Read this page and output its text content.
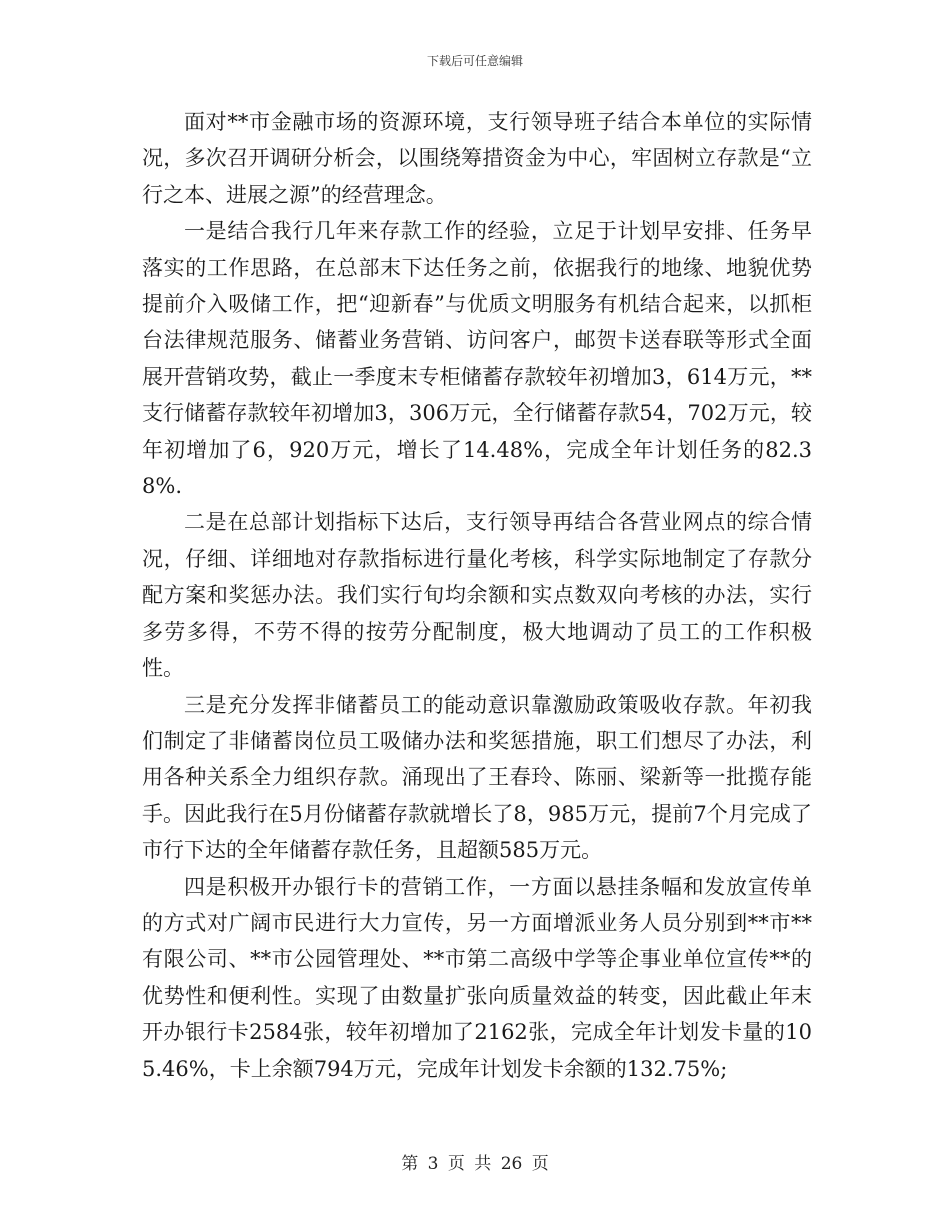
下载后可任意编辑

面对**市金融市场的资源环境，支行领导班子结合本单位的实际情况，多次召开调研分析会，以围绕筹措资金为中心，牢固树立存款是“立行之本、进展之源”的经营理念。

一是结合我行几年来存款工作的经验，立足于计划早安排、任务早落实的工作思路，在总部末下达任务之前，依据我行的地缘、地貌优势提前介入吸储工作，把“迎新春”与优质文明服务有机结合起来，以抓柜台法律规范服务、储蓄业务营销、访问客户，邮贺卡送春联等形式全面展开营销攻势，截止一季度末专柜储蓄存款较年初增加3，614万元，**支行储蓄存款较年初增加3，306万元，全行储蓄存款54，702万元，较年初增加了6，920万元，增长了14.48%，完成全年计划任务的82.38%.

二是在总部计划指标下达后，支行领导再结合各营业网点的综合情况，仔细、详细地对存款指标进行量化考核，科学实际地制定了存款分配方案和奖惩办法。我们实行旬均余额和实点数双向考核的办法，实行多劳多得，不劳不得的按劳分配制度，极大地调动了员工的工作积极性。

三是充分发挥非储蓄员工的能动意识靠激励政策吸收存款。年初我们制定了非储蓄岗位员工吸储办法和奖惩措施，职工们想尽了办法，利用各种关系全力组织存款。涌现出了王春玲、陈丽、梁新等一批揽存能手。因此我行在5月份储蓄存款就增长了8，985万元，提前7个月完成了市行下达的全年储蓄存款任务，且超额585万元。

四是积极开办银行卡的营销工作，一方面以悬挂条幅和发放宣传单的方式对广阔市民进行大力宣传，另一方面增派业务人员分别到**市**有限公司、**市公园管理处、**市第二高级中学等企事业单位宣传**的优势性和便利性。实现了由数量扩张向质量效益的转变，因此截止年末开办银行卡2584张，较年初增加了2162张，完成全年计划发卡量的105.46%，卡上余额794万元，完成年计划发卡余额的132.75%;

第 3 页 共 26 页
